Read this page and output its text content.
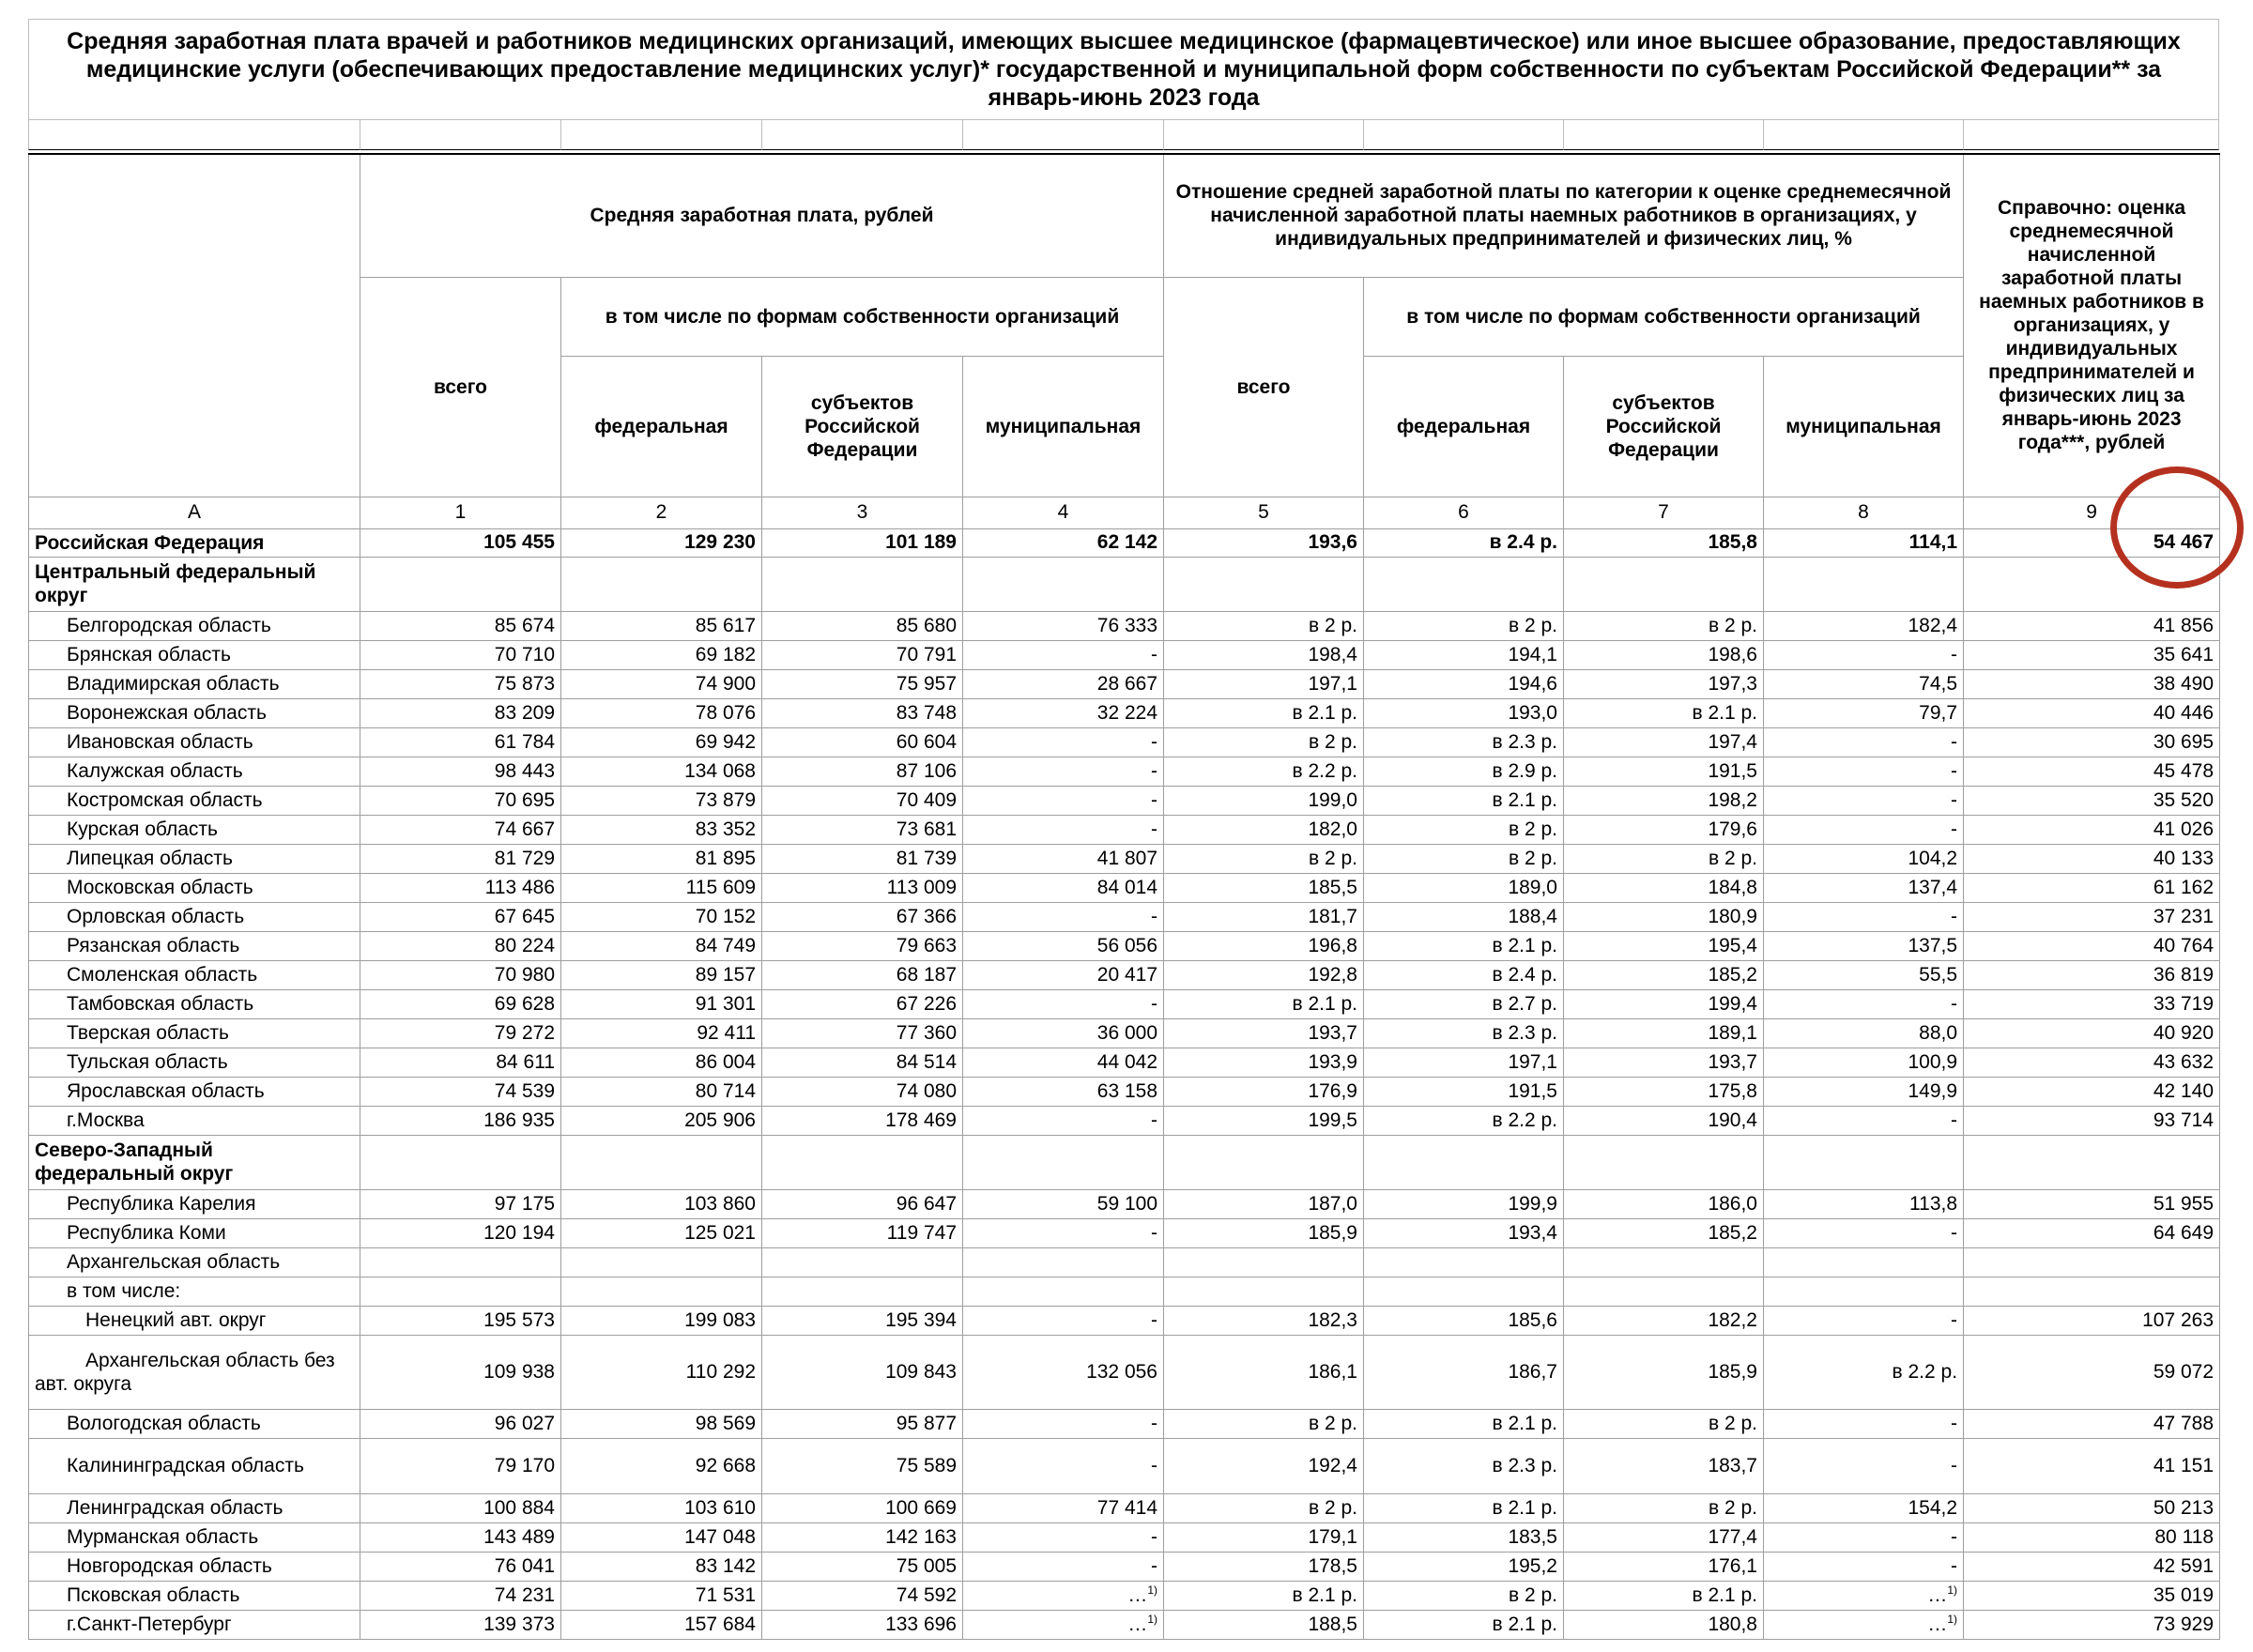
Средняя заработная плата врачей и работников медицинских организаций, имеющих высшее медицинское (фармацевтическое) или иное высшее образование, предоставляющих медицинские услуги (обеспечивающих предоставление медицинских услуг)* государственной и муниципальной форм собственности по субъектам Российской Федерации** за январь-июнь 2023 года
	Средняя заработная плата, рублей				Отношение средней заработной платы по категории к оценке среднемесячной начисленной заработной платы наемных работников в организациях, у индивидуальных предпринимателей и физических лиц, %				Справочно: оценка среднемесячной начисленной заработной платы наемных работников в организациях, у индивидуальных предпринимателей и физических лиц за январь-июнь 2023 года***, рублей
	всего	в том числе по формам собственности организаций			всего	в том числе по формам собственности организаций			
		федеральная	субъектов Российской Федерации	муниципальная		федеральная	субъектов Российской Федерации	муниципальная	
А	1	2	3	4	5	6	7	8	9
Российская Федерация	105 455	129 230	101 189	62 142	193,6	в 2.4 р.	185,8	114,1	54 467
Центральный федеральный округ									
Белгородская область	85 674	85 617	85 680	76 333	в 2 р.	в 2 р.	в 2 р.	182,4	41 856
Брянская область	70 710	69 182	70 791	-	198,4	194,1	198,6	-	35 641
Владимирская область	75 873	74 900	75 957	28 667	197,1	194,6	197,3	74,5	38 490
Воронежская область	83 209	78 076	83 748	32 224	в 2.1 р.	193,0	в 2.1 р.	79,7	40 446
Ивановская область	61 784	69 942	60 604	-	в 2 р.	в 2.3 р.	197,4	-	30 695
Калужская область	98 443	134 068	87 106	-	в 2.2 р.	в 2.9 р.	191,5	-	45 478
Костромская область	70 695	73 879	70 409	-	199,0	в 2.1 р.	198,2	-	35 520
Курская область	74 667	83 352	73 681	-	182,0	в 2 р.	179,6	-	41 026
Липецкая область	81 729	81 895	81 739	41 807	в 2 р.	в 2 р.	в 2 р.	104,2	40 133
Московская область	113 486	115 609	113 009	84 014	185,5	189,0	184,8	137,4	61 162
Орловская область	67 645	70 152	67 366	-	181,7	188,4	180,9	-	37 231
Рязанская область	80 224	84 749	79 663	56 056	196,8	в 2.1 р.	195,4	137,5	40 764
Смоленская область	70 980	89 157	68 187	20 417	192,8	в 2.4 р.	185,2	55,5	36 819
Тамбовская область	69 628	91 301	67 226	-	в 2.1 р.	в 2.7 р.	199,4	-	33 719
Тверская область	79 272	92 411	77 360	36 000	193,7	в 2.3 р.	189,1	88,0	40 920
Тульская область	84 611	86 004	84 514	44 042	193,9	197,1	193,7	100,9	43 632
Ярославская область	74 539	80 714	74 080	63 158	176,9	191,5	175,8	149,9	42 140
г.Москва	186 935	205 906	178 469	-	199,5	в 2.2 р.	190,4	-	93 714
Северо-Западный федеральный округ									
Республика Карелия	97 175	103 860	96 647	59 100	187,0	199,9	186,0	113,8	51 955
Республика Коми	120 194	125 021	119 747	-	185,9	193,4	185,2	-	64 649
Архангельская область									
в том числе:									
Ненецкий авт. округ	195 573	199 083	195 394	-	182,3	185,6	182,2	-	107 263
Архангельская область без авт. округа	109 938	110 292	109 843	132 056	186,1	186,7	185,9	в 2.2 р.	59 072
Вологодская область	96 027	98 569	95 877	-	в 2 р.	в 2.1 р.	в 2 р.	-	47 788
Калининградская область	79 170	92 668	75 589	-	192,4	в 2.3 р.	183,7	-	41 151
Ленинградская область	100 884	103 610	100 669	77 414	в 2 р.	в 2.1 р.	в 2 р.	154,2	50 213
Мурманская область	143 489	147 048	142 163	-	179,1	183,5	177,4	-	80 118
Новгородская область	76 041	83 142	75 005	-	178,5	195,2	176,1	-	42 591
Псковская область	74 231	71 531	74 592	…$^{1)}$	в 2.1 р.	в 2 р.	в 2.1 р.	…$^{1)}$	35 019
г.Санкт-Петербург	139 373	157 684	133 696	…$^{1)}$	188,5	в 2.1 р.	180,8	…$^{1)}$	73 929
